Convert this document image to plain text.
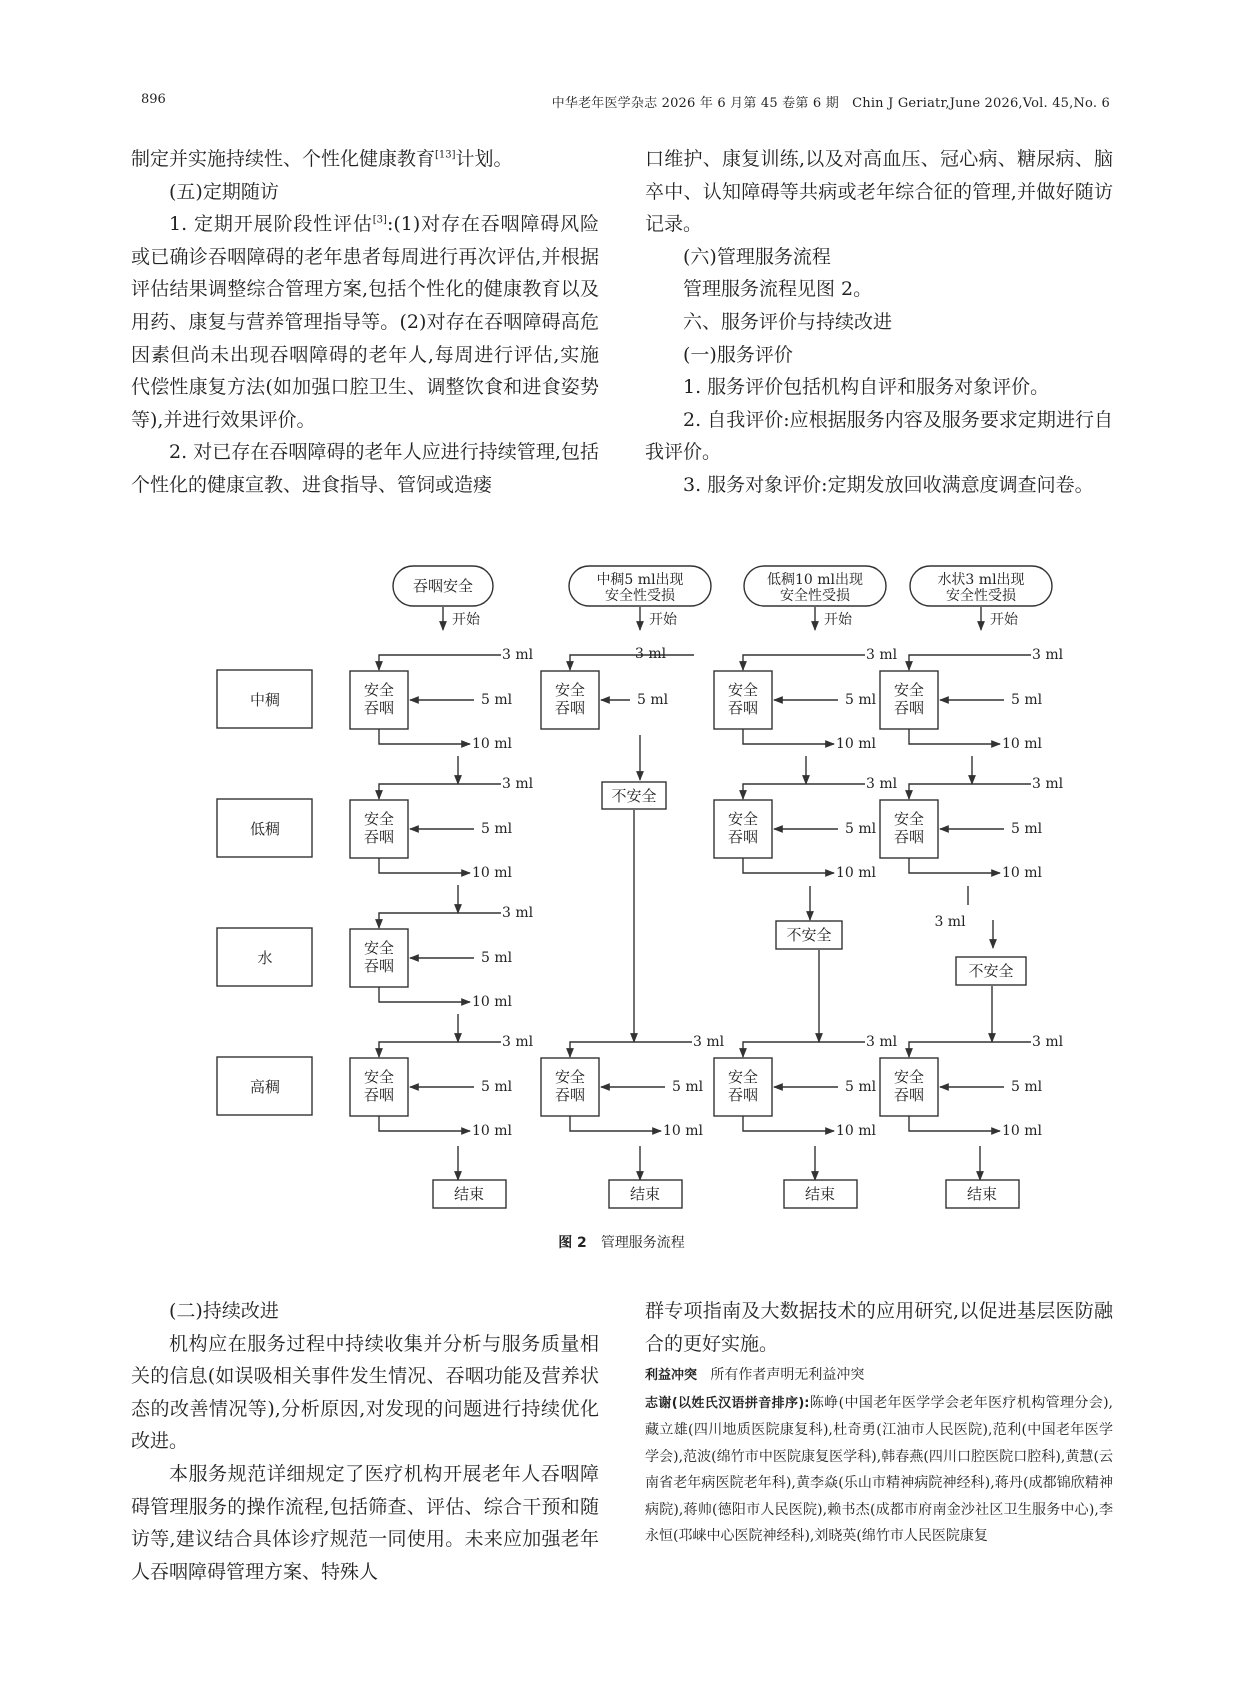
896	中华老年医学杂志 2026 年 6 月第 45 卷第 6 期　Chin J Geriatr,June 2026,Vol. 45,No. 6

制定并实施持续性、个性化健康教育[13]计划。

(五)定期随访

1. 定期开展阶段性评估[3]:(1)对存在吞咽障碍风险或已确诊吞咽障碍的老年患者每周进行再次评估,并根据评估结果调整综合管理方案,包括个性化的健康教育以及用药、康复与营养管理指导等。(2)对存在吞咽障碍高危因素但尚未出现吞咽障碍的老年人,每周进行评估,实施代偿性康复方法(如加强口腔卫生、调整饮食和进食姿势等),并进行效果评价。

2. 对已存在吞咽障碍的老年人应进行持续管理,包括个性化的健康宣教、进食指导、管饲或造瘘

口维护、康复训练,以及对高血压、冠心病、糖尿病、脑卒中、认知障碍等共病或老年综合征的管理,并做好随访记录。

(六)管理服务流程

管理服务流程见图 2。

六、服务评价与持续改进

(一)服务评价

1. 服务评价包括机构自评和服务对象评价。

2. 自我评价:应根据服务内容及服务要求定期进行自我评价。

3. 服务对象评价:定期发放回收满意度调查问卷。

吞咽安全
开始
中稠5 ml出现
安全性受损
开始
低稠10 ml出现
安全性受损
开始
水状3 ml出现
安全性受损
开始
中稠
低稠
水
高稠
安全
吞咽
3 ml
5 ml
10 ml
安全
吞咽
3 ml
5 ml
10 ml
安全
吞咽
3 ml
5 ml
10 ml
安全
吞咽
3 ml
5 ml
10 ml
结束
安全
吞咽
3 ml
5 ml
不安全
安全
吞咽
3 ml
5 ml
10 ml
结束
安全
吞咽
3 ml
5 ml
10 ml
安全
吞咽
3 ml
5 ml
10 ml
不安全
安全
吞咽
3 ml
5 ml
10 ml
结束
安全
吞咽
3 ml
5 ml
10 ml
安全
吞咽
3 ml
5 ml
10 ml
3 ml
不安全
安全
吞咽
3 ml
5 ml
10 ml
结束
图 2 管理服务流程

(二)持续改进

机构应在服务过程中持续收集并分析与服务质量相关的信息(如误吸相关事件发生情况、吞咽功能及营养状态的改善情况等),分析原因,对发现的问题进行持续优化改进。

本服务规范详细规定了医疗机构开展老年人吞咽障碍管理服务的操作流程,包括筛查、评估、综合干预和随访等,建议结合具体诊疗规范一同使用。未来应加强老年人吞咽障碍管理方案、特殊人

群专项指南及大数据技术的应用研究,以促进基层医防融合的更好实施。

利益冲突 所有作者声明无利益冲突

志谢(以姓氏汉语拼音排序):陈峥(中国老年医学学会老年医疗机构管理分会),藏立雄(四川地质医院康复科),杜奇勇(江油市人民医院),范利(中国老年医学学会),范波(绵竹市中医院康复医学科),韩春燕(四川口腔医院口腔科),黄慧(云南省老年病医院老年科),黄李焱(乐山市精神病院神经科),蒋丹(成都锦欣精神病院),蒋帅(德阳市人民医院),赖书杰(成都市府南金沙社区卫生服务中心),李永恒(邛崃中心医院神经科),刘晓英(绵竹市人民医院康复
